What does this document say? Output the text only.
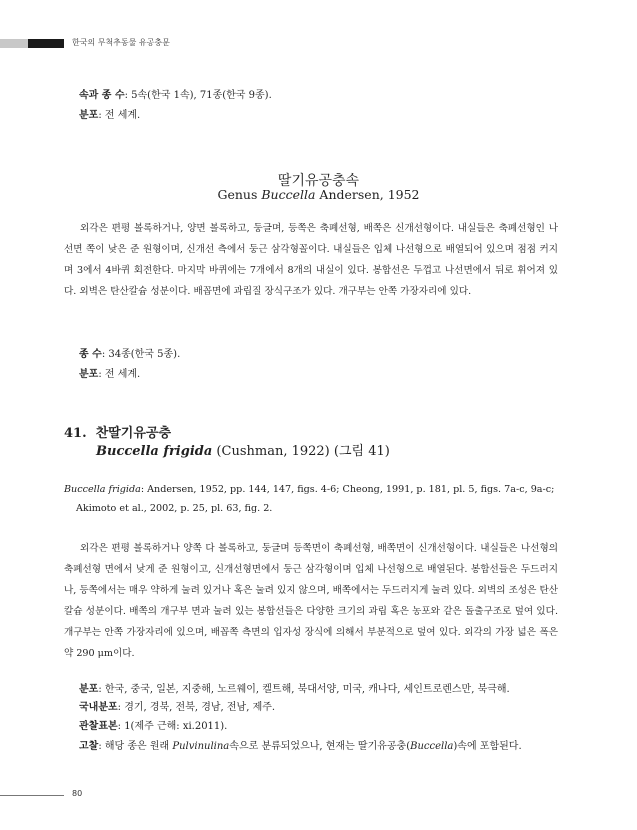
한국의 무척추동물 유공충문
속과 종 수: 5속(한국 1속), 71종(한국 9종).
분포: 전 세계.
딸기유공충속
Genus Buccella Andersen, 1952

외각은 편평 볼록하거나, 양면 볼록하고, 둥글며, 등쪽은 축폐선형, 배쪽은 신개선형이다. 내실들은 축폐선형인 나선면 쪽이 낮은 준 원형이며, 신개선 측에서 둥근 삼각형꼴이다. 내실들은 입체 나선형으로 배열되어 있으며 점점 커지며 3에서 4바퀴 회전한다. 마지막 바퀴에는 7개에서 8개의 내실이 있다. 봉합선은 두껍고 나선면에서 뒤로 휘어져 있다. 외벽은 탄산칼슘 성분이다. 배꼽면에 과립질 장식구조가 있다. 개구부는 안쪽 가장자리에 있다.

종 수: 34종(한국 5종).
분포: 전 세계.
41. 찬딸기유공충
Buccella frigida (Cushman, 1922) (그림 41)
Buccella frigida: Andersen, 1952, pp. 144, 147, figs. 4-6; Cheong, 1991, p. 181, pl. 5, figs. 7a-c, 9a-c;
Akimoto et al., 2002, p. 25, pl. 63, fig. 2.

외각은 편평 볼록하거나 양쪽 다 볼록하고, 둥글며 등쪽면이 축폐선형, 배쪽면이 신개선형이다. 내실들은 나선형의 축폐선형 면에서 낮게 준 원형이고, 신개선형면에서 둥근 삼각형이며 입체 나선형으로 배열된다. 봉합선들은 두드러지나, 등쪽에서는 매우 약하게 눌려 있거나 혹은 눌려 있지 않으며, 배쪽에서는 두드러지게 눌려 있다. 외벽의 조성은 탄산칼슘 성분이다. 배쪽의 개구부 면과 눌려 있는 봉합선들은 다양한 크기의 과립 혹은 농포와 같은 돌출구조로 덮여 있다. 개구부는 안쪽 가장자리에 있으며, 배꼽쪽 측면의 입자성 장식에 의해서 부분적으로 덮여 있다. 외각의 가장 넓은 폭은 약 290 μm이다.

분포: 한국, 중국, 일본, 지중해, 노르웨이, 켈트해, 북대서양, 미국, 캐나다, 세인트로렌스만, 북극해.
국내분포: 경기, 경북, 전북, 경남, 전남, 제주.
관찰표본: 1(제주 근해: xi.2011).
고찰: 해당 종은 원래 Pulvinulina속으로 분류되었으나, 현재는 딸기유공충(Buccella)속에 포함된다.
80
